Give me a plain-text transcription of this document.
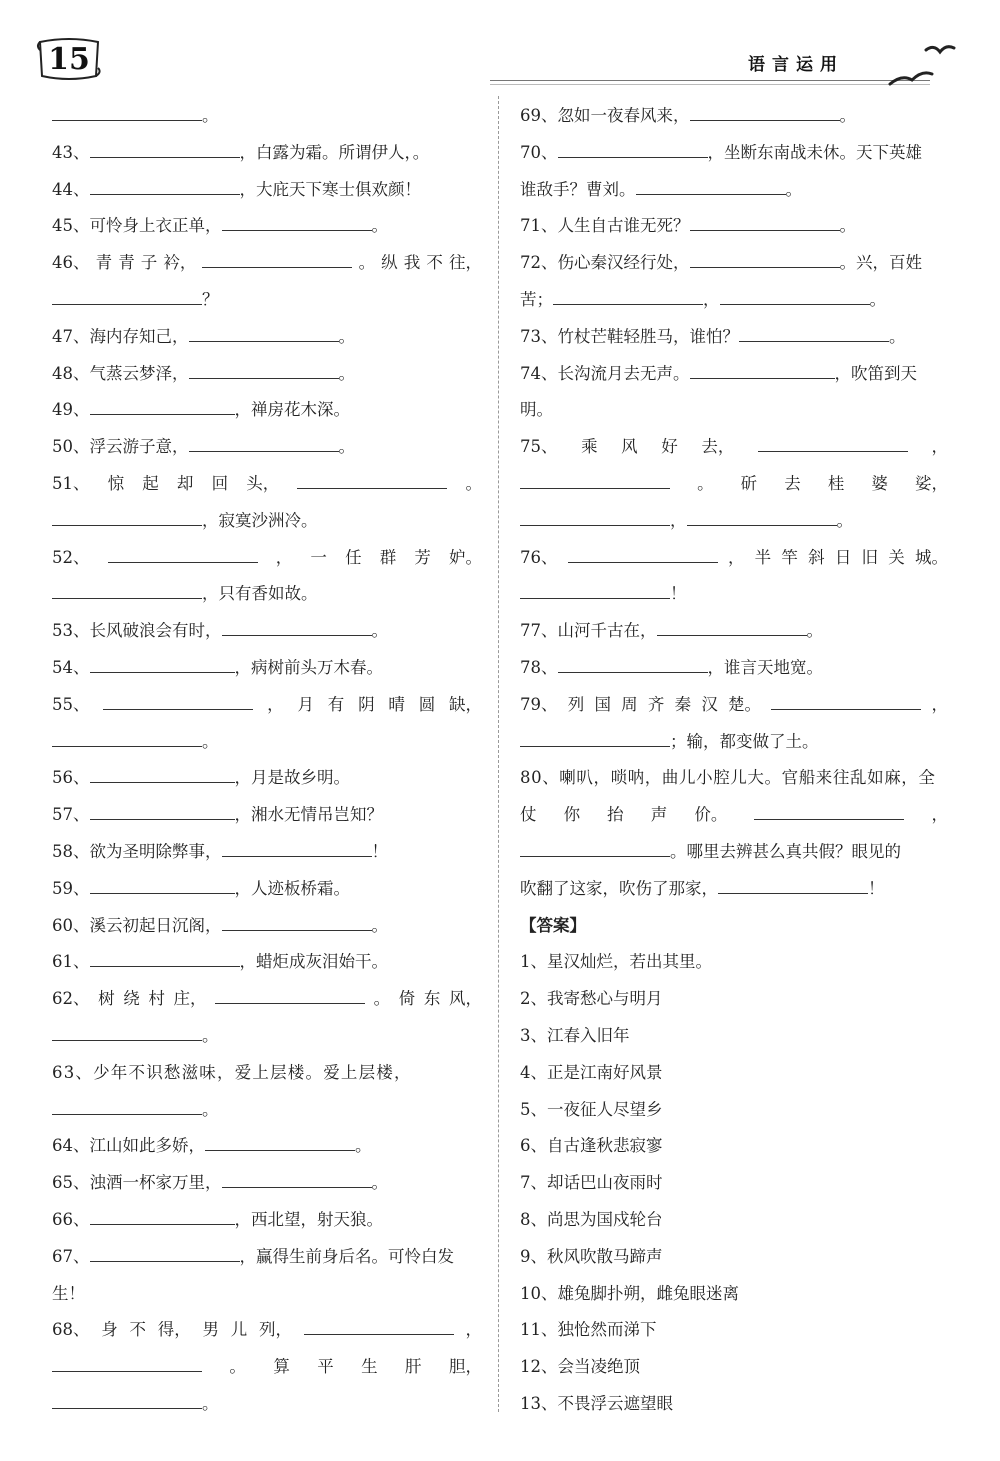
15	语言运用
。
43、	，白露为霜。所谓伊人，。
44、	，大庇天下寒士俱欢颜！
45、可怜身上衣正单，	。
46、 青 青 子 衿，	。 纵 我 不 往，
？
47、海内存知己，	。
48、气蒸云梦泽，	。
49、	，禅房花木深。
50、浮云游子意，	。
51、 惊 起 却 回 头，	。
，寂寞沙洲冷。
52、	， 一 任 群 芳 妒。
，只有香如故。
53、长风破浪会有时，	。
54、	，病树前头万木春。
55、	， 月 有 阴 晴 圆 缺，
。
56、	，月是故乡明。
57、	，湘水无情吊岂知？
58、欲为圣明除弊事，	！
59、	，人迹板桥霜。
60、溪云初起日沉阁，	。
61、	，蜡炬成灰泪始干。
62、 树 绕 村 庄，	。 倚 东 风，
。
63、少年不识愁滋味，爱上层楼。爱上层楼，
。
64、江山如此多娇，	。
65、浊酒一杯家万里，	。
66、	，西北望，射天狼。
67、	，赢得生前身后名。可怜白发
生！
68、 身 不 得， 男 儿 列，	，
。 算 平 生 肝 胆，
。
69、忽如一夜春风来，	。
70、	，坐断东南战未休。天下英雄
谁敌手？曹刘。	。
71、人生自古谁无死？	。
72、伤心秦汉经行处，	。兴，百姓
苦；	，	。
73、竹杖芒鞋轻胜马，谁怕？	。
74、长沟流月去无声。	，吹笛到天
明。
75、 乘 风 好 去，	，
。 斫 去 桂 婆 娑，
，	。
76、	， 半 竿 斜 日 旧 关 城。
！
77、山河千古在，	。
78、	，谁言天地宽。
79、 列 国 周 齐 秦 汉 楚。	，
；输，都变做了土。
80、喇叭，唢呐，曲儿小腔儿大。官船来往乱如麻，全
仗 你 抬 声 价。	，
。哪里去辨甚么真共假？眼见的
吹翻了这家，吹伤了那家，	！
【答案】
1、星汉灿烂，若出其里。
2、我寄愁心与明月
3、江春入旧年
4、正是江南好风景
5、一夜征人尽望乡
6、自古逢秋悲寂寥
7、却话巴山夜雨时
8、尚思为国戍轮台
9、秋风吹散马蹄声
10、雄兔脚扑朔，雌兔眼迷离
11、独怆然而涕下
12、会当凌绝顶
13、不畏浮云遮望眼
